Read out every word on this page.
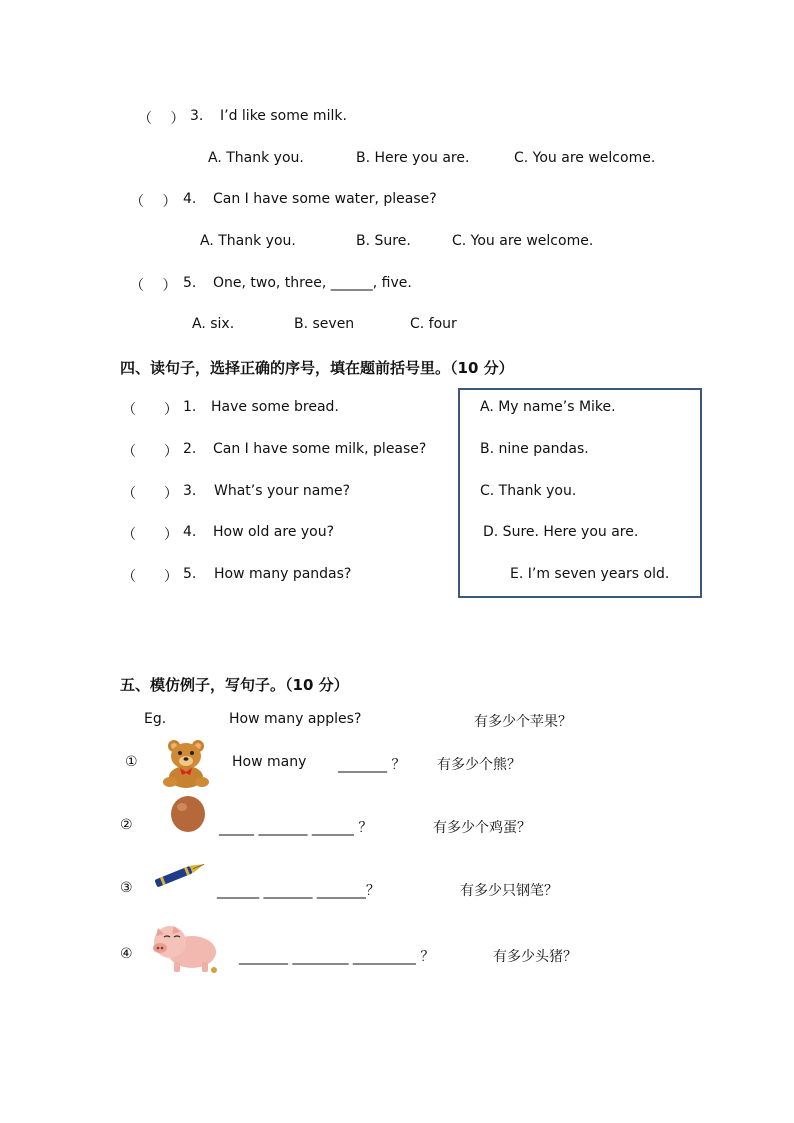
（　 ） 3. I’d like some milk.
A. Thank you.	B. Here you are.	C. You are welcome.
（　 ） 4. Can I have some water, please?
A. Thank you.	B. Sure.	C. You are welcome.
（　 ） 5. One, two, three, ______, five.
A. six.	B. seven	C. four
四、读句子，选择正确的序号，填在题前括号里。（10 分）
（　　） 1. Have some bread.
（　　） 2. Can I have some milk, please?
（　　） 3. What’s your name?
（　　） 4. How old are you?
（　　） 5. How many pandas?
A. My name’s Mike.
B. nine pandas.
C. Thank you.
D. Sure. Here you are.
E. I’m seven years old.
五、模仿例子，写句子。（10 分）
Eg.	How many apples?	有多少个苹果？
①	How many _______ ？ 有多少个熊？
②	_____ _______ ______ ？	有多少个鸡蛋？
③	______ _______ _______？	有多少只钢笔？
④	_______ ________ _________ ？	有多少头猪？
